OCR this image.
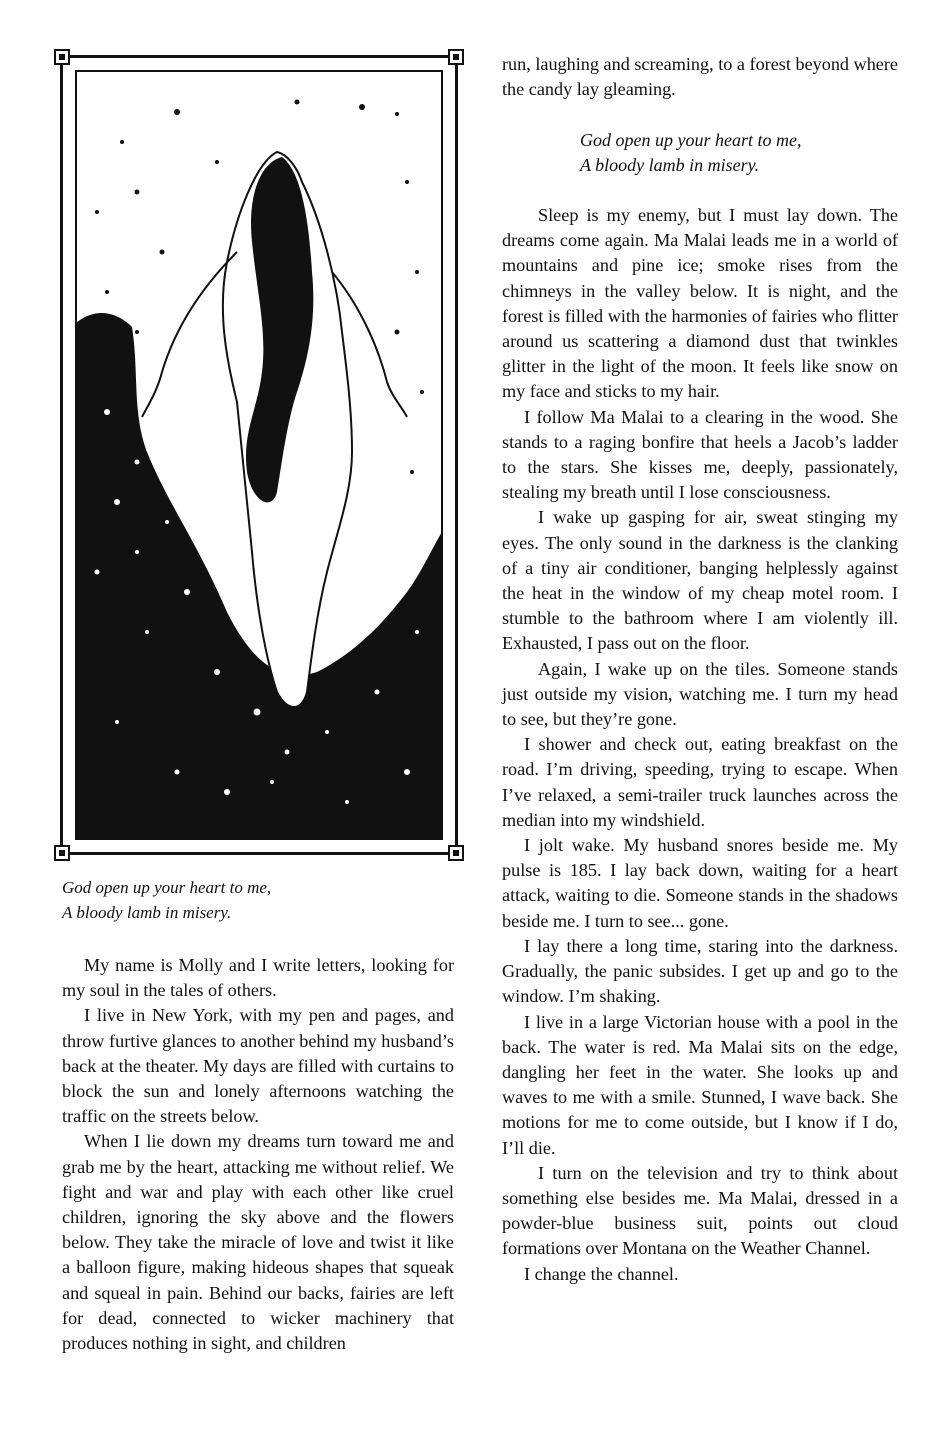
God open up your heart to me,
A bloody lamb in misery.

My name is Molly and I write letters, looking for my soul in the tales of others.

I live in New York, with my pen and pages, and throw furtive glances to another behind my husband’s back at the theater. My days are filled with curtains to block the sun and lonely afternoons watching the traffic on the streets below.

When I lie down my dreams turn toward me and grab me by the heart, attacking me without relief. We fight and war and play with each other like cruel children, ignoring the sky above and the flowers below. They take the miracle of love and twist it like a balloon figure, making hideous shapes that squeak and squeal in pain. Behind our backs, fairies are left for dead, connected to wicker machinery that produces nothing in sight, and children

run, laughing and screaming, to a forest beyond where the candy lay gleaming.

God open up your heart to me,
A bloody lamb in misery.

Sleep is my enemy, but I must lay down. The dreams come again. Ma Malai leads me in a world of mountains and pine ice; smoke rises from the chimneys in the valley below. It is night, and the forest is filled with the harmonies of fairies who flitter around us scattering a diamond dust that twinkles glitter in the light of the moon. It feels like snow on my face and sticks to my hair.

I follow Ma Malai to a clearing in the wood. She stands to a raging bonfire that heels a Jacob’s ladder to the stars. She kisses me, deeply, passionately, stealing my breath until I lose consciousness.

I wake up gasping for air, sweat stinging my eyes. The only sound in the darkness is the clanking of a tiny air conditioner, banging helplessly against the heat in the window of my cheap motel room. I stumble to the bathroom where I am violently ill. Exhausted, I pass out on the floor.

Again, I wake up on the tiles. Someone stands just outside my vision, watching me. I turn my head to see, but they’re gone.

I shower and check out, eating breakfast on the road. I’m driving, speeding, trying to escape. When I’ve relaxed, a semi-trailer truck launches across the median into my windshield.

I jolt wake. My husband snores beside me. My pulse is 185. I lay back down, waiting for a heart attack, waiting to die. Someone stands in the shadows beside me. I turn to see... gone.

I lay there a long time, staring into the darkness. Gradually, the panic subsides. I get up and go to the window. I’m shaking.

I live in a large Victorian house with a pool in the back. The water is red. Ma Malai sits on the edge, dangling her feet in the water. She looks up and waves to me with a smile. Stunned, I wave back. She motions for me to come outside, but I know if I do, I’ll die.

I turn on the television and try to think about something else besides me. Ma Malai, dressed in a powder-blue business suit, points out cloud formations over Montana on the Weather Channel.

I change the channel.
